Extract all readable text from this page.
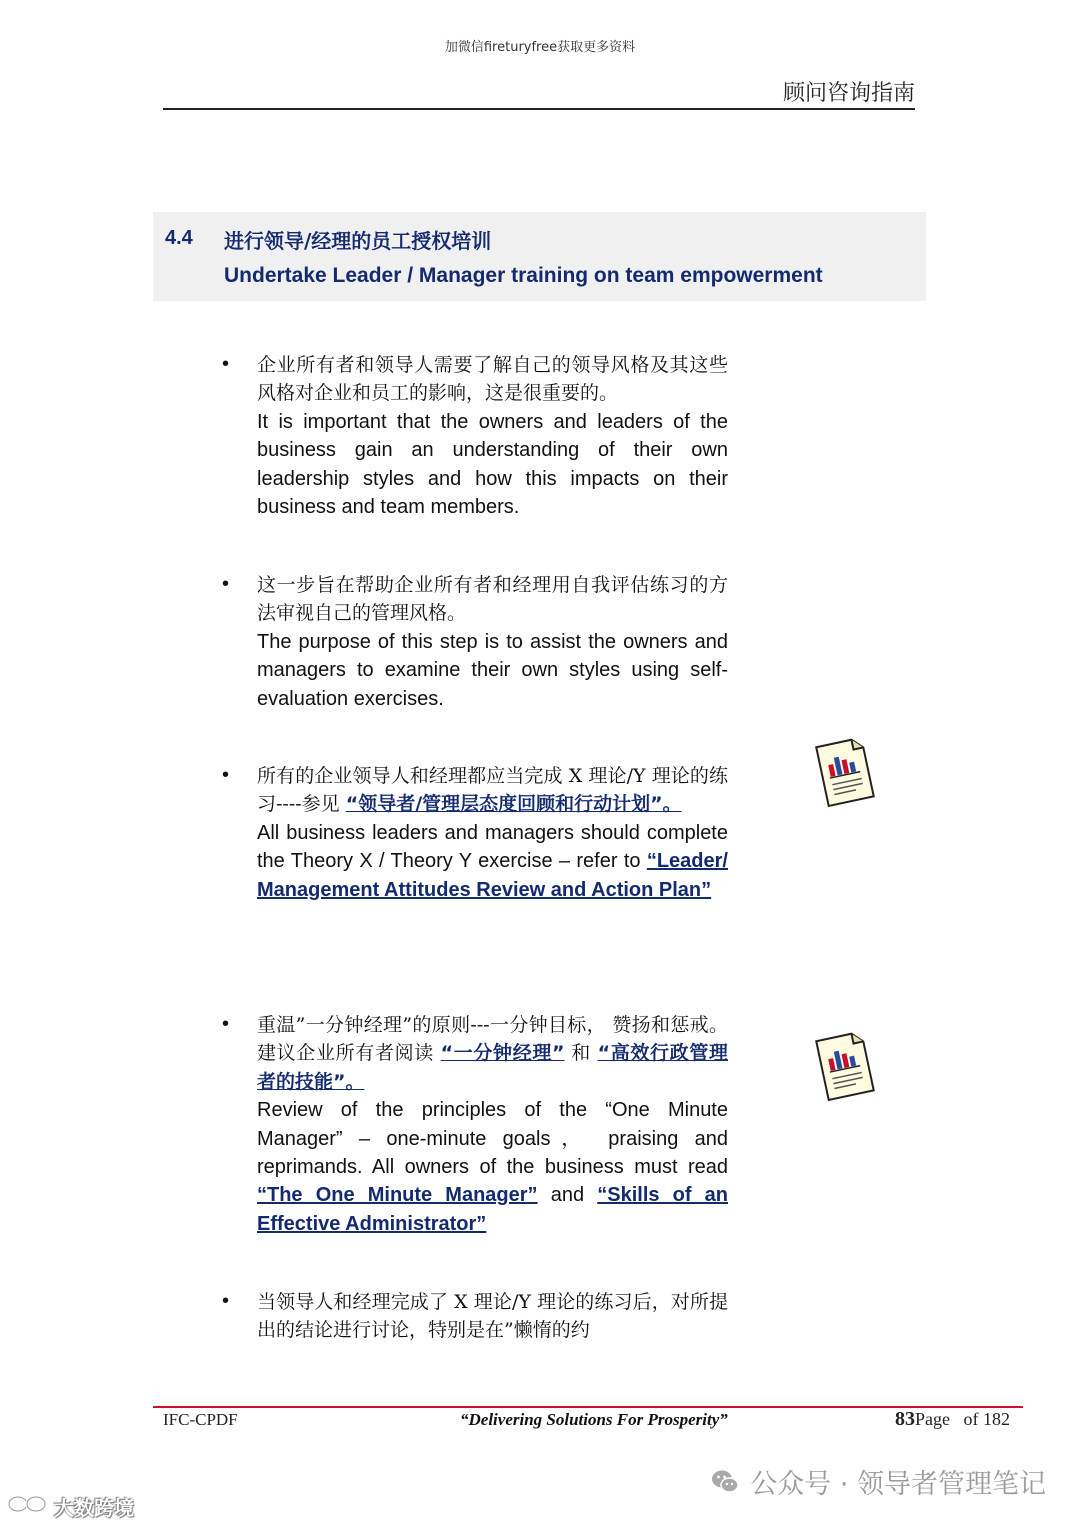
加微信fireturyfree获取更多资料
顾问咨询指南
4.4 进行领导/经理的员工授权培训
Undertake Leader / Manager training on team empowerment
• 企业所有者和领导人需要了解自己的领导风格及其这些风格对企业和员工的影响，这是很重要的。
It is important that the owners and leaders of the business gain an understanding of their own leadership styles and how this impacts on their business and team members.
• 这一步旨在帮助企业所有者和经理用自我评估练习的方法审视自己的管理风格。
The purpose of this step is to assist the owners and managers to examine their own styles using self-evaluation exercises.
• 所有的企业领导人和经理都应当完成 X 理论/Y 理论的练习----参见 “领导者/管理层态度回顾和行动计划”。
All business leaders and managers should complete the Theory X / Theory Y exercise – refer to “Leader/ Management Attitudes Review and Action Plan”
• 重温”一分钟经理”的原则---一分钟目标， 赞扬和惩戒。 建议企业所有者阅读 “一分钟经理” 和 “高效行政管理者的技能”。
Review of the principles of the “One Minute Manager” – one-minute goals， praising and reprimands. All owners of the business must read “The One Minute Manager” and “Skills of an Effective Administrator”
• 当领导人和经理完成了 X 理论/Y 理论的练习后，对所提出的结论进行讨论，特别是在”懒惰的约
IFC-CPDF	“Delivering Solutions For Prosperity”	83Page of 182
公众号 · 领导者管理笔记
大数跨境
